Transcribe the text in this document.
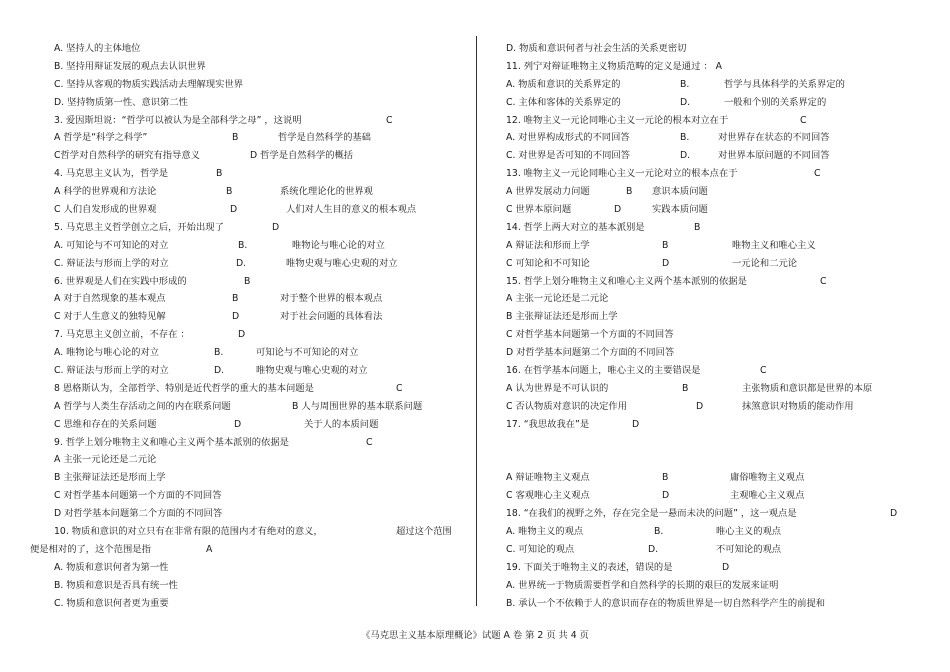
A. 坚持人的主体地位
B. 坚持用辩证发展的观点去认识世界
C. 坚持从客观的物质实践活动去理解现实世界
D. 坚持物质第一性、意识第二性
3. 爱因斯坦说：“哲学可以被认为是全部科学之母” ，这说明	C
A 哲学是“科学之科学”	B	哲学是自然科学的基础
C哲学对自然科学的研究有指导意义	D 哲学是自然科学的概括
4. 马克思主义认为，哲学是	B
A 科学的世界观和方法论	B	系统化理论化的世界观
C 人们自发形成的世界观	D	人们对人生目的意义的根本观点
5. 马克思主义哲学创立之后，开始出现了	D
A. 可知论与不可知论的对立	B.	唯物论与唯心论的对立
C. 辩证法与形而上学的对立	D.	唯物史观与唯心史观的对立
6. 世界观是人们在实践中形成的	B
A 对于自然现象的基本观点	B	对于整个世界的根本观点
C 对于人生意义的独特见解	D	对于社会问题的具体看法
7. 马克思主义创立前，不存在 ：	D
A. 唯物论与唯心论的对立	B.	可知论与不可知论的对立
C. 辩证法与形而上学的对立	D.	唯物史观与唯心史观的对立
8 恩格斯认为，全部哲学、特别是近代哲学的重大的基本问题是	C
A 哲学与人类生存活动之间的内在联系问题	B 人与周围世界的基本联系问题
C 思维和存在的关系问题	D	关于人的本质问题
9. 哲学上划分唯物主义和唯心主义两个基本派别的依据是	C
A 主张一元论还是二元论
B 主张辩证法还是形而上学
C 对哲学基本问题第一个方面的不同回答
D 对哲学基本问题第二个方面的不同回答
10. 物质和意识的对立只有在非常有限的范围内才有绝对的意义，	超过这个范围
便是相对的了，这个范围是指	A
A. 物质和意识何者为第一性
B. 物质和意识是否具有统一性
C. 物质和意识何者更为重要
D. 物质和意识何者与社会生活的关系更密切
11. 列宁对辩证唯物主义物质范畴的定义是通过 ： A
A. 物质和意识的关系界定的	B.	哲学与具体科学的关系界定的
C. 主体和客体的关系界定的	D.	一般和个别的关系界定的
12. 唯物主义一元论同唯心主义一元论的根本对立在于	C
A. 对世界构成形式的不同回答	B.	对世界存在状态的不同回答
C. 对世界是否可知的不同回答	D.	对世界本原问题的不同回答
13. 唯物主义一元论同唯心主义一元论对立的根本点在于	C
A 世界发展动力问题	B 意识本质问题
C 世界本原问题	D	实践本质问题
14. 哲学上两大对立的基本派别是	B
A 辩证法和形而上学	B	唯物主义和唯心主义
C 可知论和不可知论	D	一元论和二元论
15. 哲学上划分唯物主义和唯心主义两个基本派别的依据是	C
A 主张一元论还是二元论
B 主张辩证法还是形而上学
C 对哲学基本问题第一个方面的不同回答
D 对哲学基本问题第二个方面的不同回答
16. 在哲学基本问题上，唯心主义的主要错误是	C
A 认为世界是不可认识的	B	主张物质和意识都是世界的本原
C 否认物质对意识的决定作用	D	抹煞意识对物质的能动作用
17. “我思故我在”是	D
A 辩证唯物主义观点	B	庸俗唯物主义观点
C 客观唯心主义观点	D	主观唯心主义观点
18. “在我们的视野之外，存在完全是一悬而未决的问题” ，这一观点是	D
A. 唯物主义的观点	B.	唯心主义的观点
C. 可知论的观点	D.	不可知论的观点
19. 下面关于唯物主义的表述，错误的是	D
A. 世界统一于物质需要哲学和自然科学的长期的艰巨的发展来证明
B. 承认一个不依赖于人的意识而存在的物质世界是一切自然科学产生的前提和
《马克思主义基本原理概论》试题 A 卷 第 2 页 共 4 页
